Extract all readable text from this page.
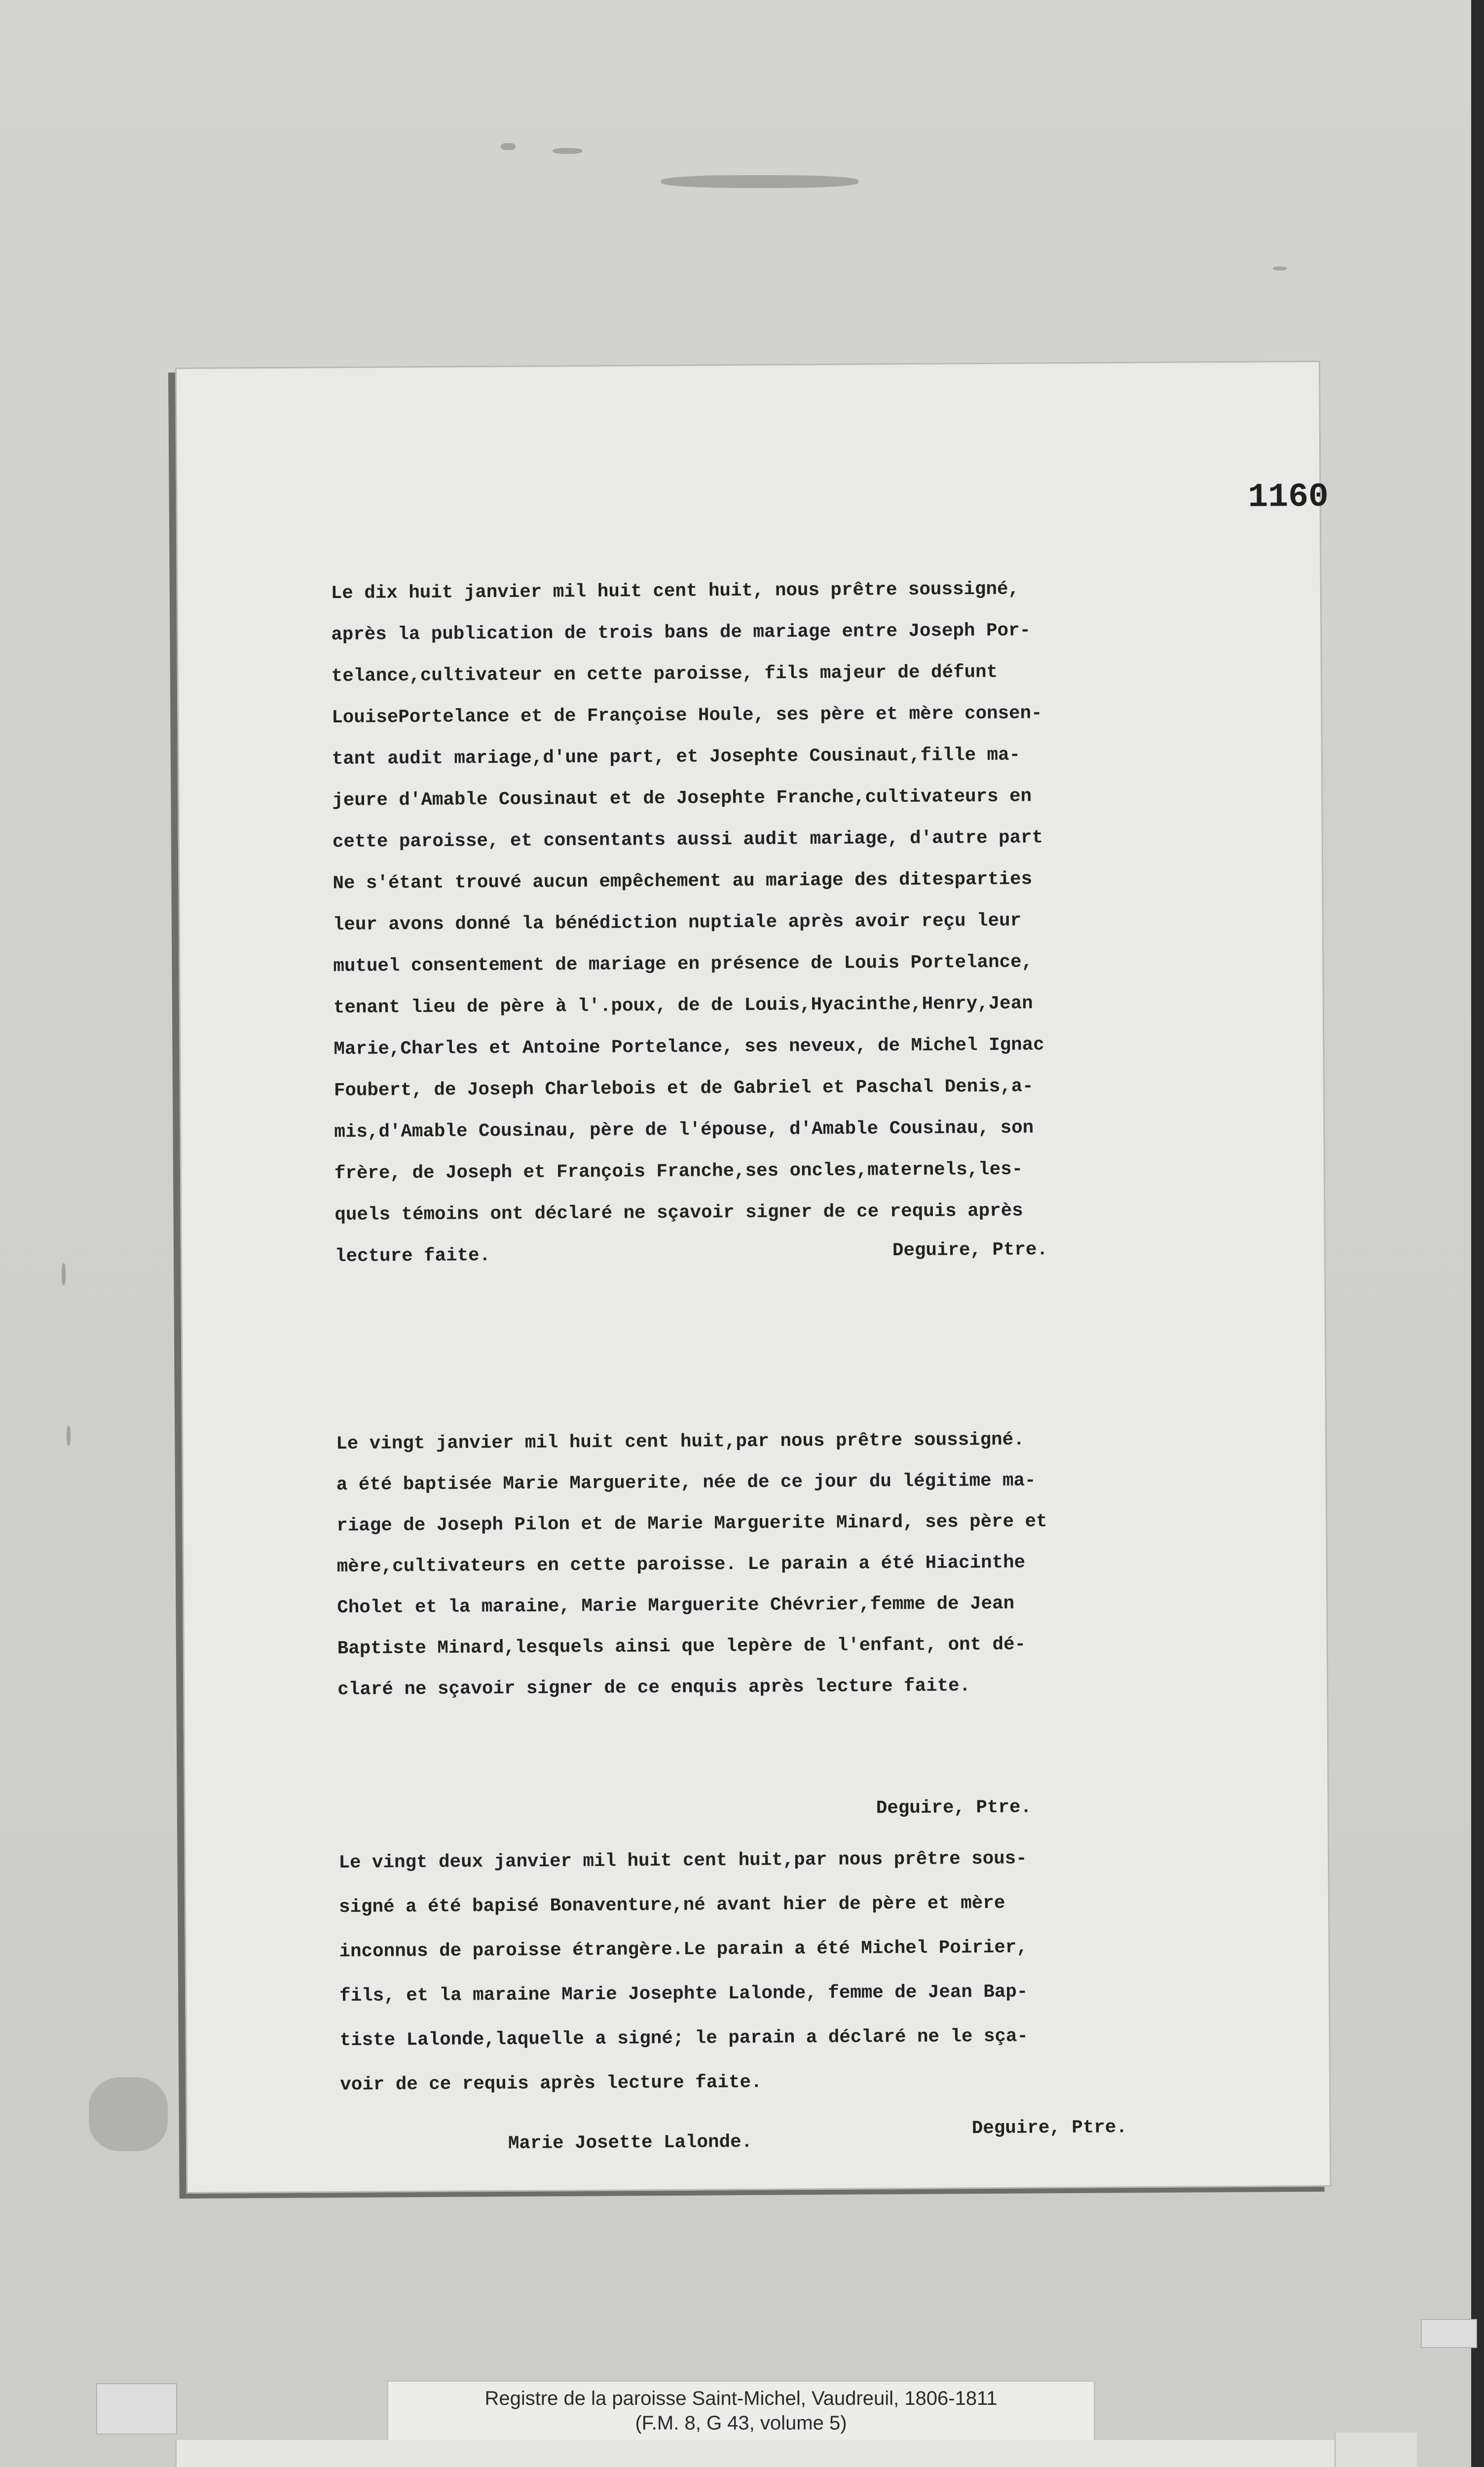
1160
Le dix huit janvier mil huit cent huit, nous prêtre soussigné,
après la publication de trois bans de mariage entre Joseph Por-
telance,cultivateur en cette paroisse, fils majeur de défunt
LouisePortelance et de Françoise Houle, ses père et mère consen-
tant audit mariage,d'une part, et Josephte Cousinaut,fille ma-
jeure d'Amable Cousinaut et de Josephte Franche,cultivateurs en
cette paroisse, et consentants aussi audit mariage, d'autre part
Ne s'étant trouvé aucun empêchement au mariage des ditesparties
leur avons donné la bénédiction nuptiale après avoir reçu leur
mutuel consentement de mariage en présence de Louis Portelance,
tenant lieu de père à l'.poux, de de Louis,Hyacinthe,Henry,Jean
Marie,Charles et Antoine Portelance, ses neveux, de Michel Ignac
Foubert, de Joseph Charlebois et de Gabriel et Paschal Denis,a-
mis,d'Amable Cousinau, père de l'épouse, d'Amable Cousinau, son
frère, de Joseph et François Franche,ses oncles,maternels,les-
quels témoins ont déclaré ne sçavoir signer de ce requis après
lecture faite.	Deguire, Ptre.
Le vingt janvier mil huit cent huit,par nous prêtre soussigné.
a été baptisée Marie Marguerite, née de ce jour du légitime ma-
riage de Joseph Pilon et de Marie Marguerite Minard, ses père et
mère,cultivateurs en cette paroisse. Le parain a été Hiacinthe
Cholet et la maraine, Marie Marguerite Chévrier,femme de Jean
Baptiste Minard,lesquels ainsi que lepère de l'enfant, ont dé-
claré ne sçavoir signer de ce enquis après lecture faite.
Deguire, Ptre.
Le vingt deux janvier mil huit cent huit,par nous prêtre sous-
signé a été bapisé Bonaventure,né avant hier de père et mère
inconnus de paroisse étrangère.Le parain a été Michel Poirier,
fils, et la maraine Marie Josephte Lalonde, femme de Jean Bap-
tiste Lalonde,laquelle a signé; le parain a déclaré ne le sça-
voir de ce requis après lecture faite.
Marie Josette Lalonde.
Deguire, Ptre.
Registre de la paroisse Saint-Michel, Vaudreuil, 1806-1811
(F.M. 8, G 43, volume 5)
